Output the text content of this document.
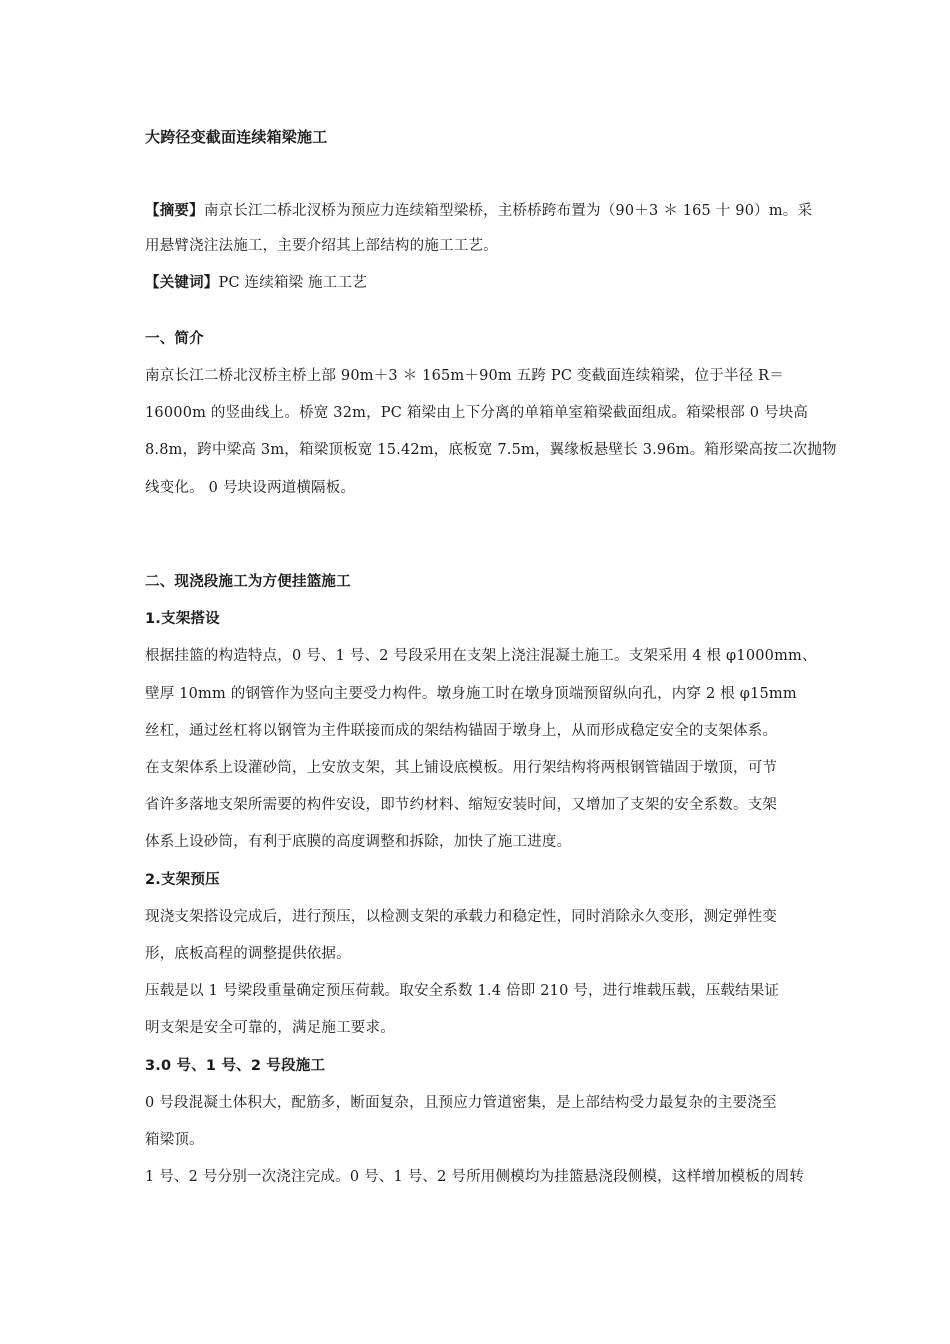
大跨径变截面连续箱梁施工
【摘要】南京长江二桥北汊桥为预应力连续箱型梁桥，主桥桥跨布置为（90＋3 ＊ 165 十 90）m。采
用悬臂浇注法施工，主要介绍其上部结构的施工工艺。
【关键词】PC 连续箱梁 施工工艺
一、简介
南京长江二桥北汊桥主桥上部 90m＋3 ＊ 165m＋90m 五跨 PC 变截面连续箱梁，位于半径 R＝
16000m 的竖曲线上。桥宽 32m，PC 箱梁由上下分离的单箱单室箱梁截面组成。箱梁根部 0 号块高
8.8m，跨中梁高 3m，箱梁顶板宽 15.42m，底板宽 7.5m，翼缘板悬壁长 3.96m。箱形梁高按二次抛物
线变化。 0 号块设两道横隔板。
二、现浇段施工为方便挂篮施工
1.支架搭设
根据挂篮的构造特点，0 号、1 号、2 号段采用在支架上浇注混凝土施工。支架采用 4 根 φ1000mm、
壁厚 10mm 的钢管作为竖向主要受力构件。墩身施工时在墩身顶端预留纵向孔，内穿 2 根 φ15mm
丝杠，通过丝杠将以钢管为主件联接而成的架结构锚固于墩身上，从而形成稳定安全的支架体系。
在支架体系上设灌砂筒，上安放支架，其上铺设底模板。用行架结构将两根钢管锚固于墩顶，可节
省许多落地支架所需要的构件安设，即节约材料、缩短安装时间，又增加了支架的安全系数。支架
体系上设砂筒，有利于底膜的高度调整和拆除，加快了施工进度。
2.支架预压
现浇支架搭设完成后，进行预压，以检测支架的承载力和稳定性，同时消除永久变形，测定弹性变
形，底板高程的调整提供依据。
压载是以 1 号梁段重量确定预压荷载。取安全系数 1.4 倍即 210 号，进行堆载压载，压载结果证
明支架是安全可靠的，满足施工要求。
3.0 号、1 号、2 号段施工
0 号段混凝土体积大，配筋多，断面复杂，且预应力管道密集，是上部结构受力最复杂的主要浇至
箱梁顶。
1 号、2 号分别一次浇注完成。0 号、1 号、2 号所用侧模均为挂篮悬浇段侧模，这样增加模板的周转
